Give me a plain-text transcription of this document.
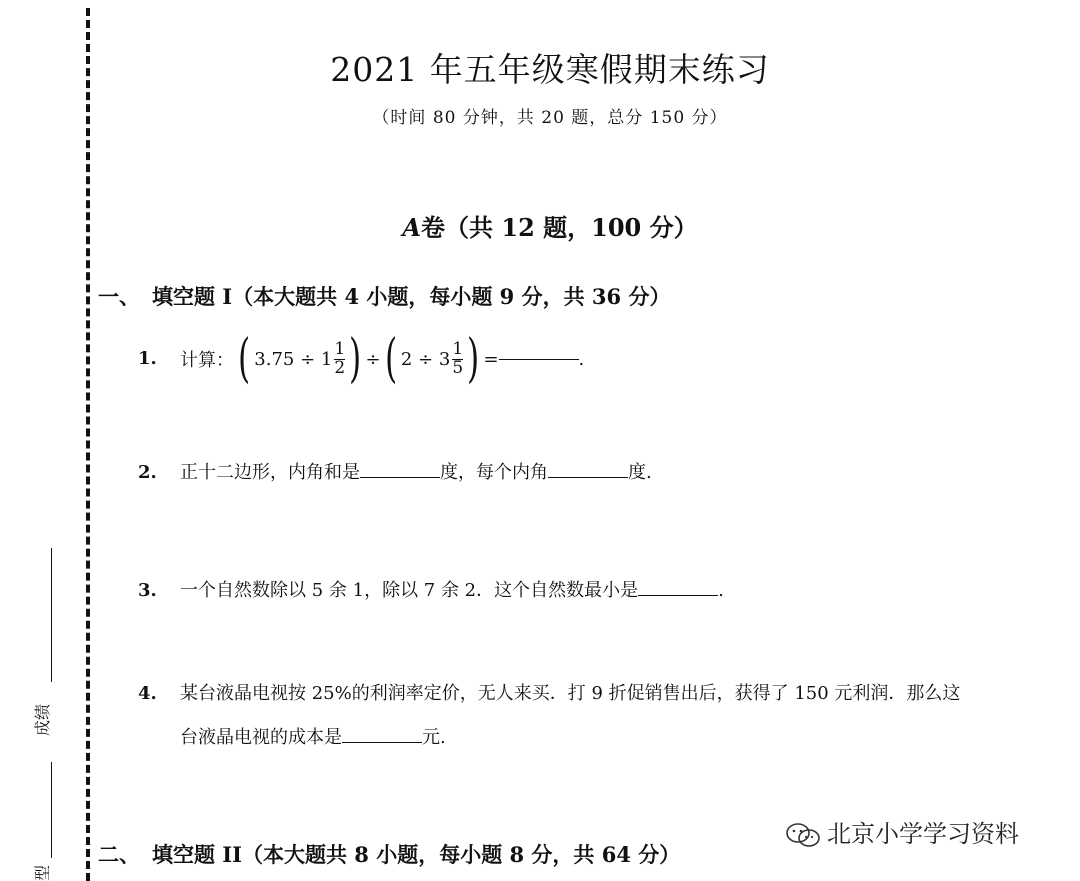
成绩
型
2021 年五年级寒假期末练习
（时间 80 分钟，共 20 题，总分 150 分）
A卷（共 12 题，100 分）
一、 填空题 I（本大题共 4 小题，每小题 9 分，共 36 分）
1. 计算： ( $3.75 \div 1 \frac{1}{2}$ ) ÷ ( $2 \div 3 \frac{1}{5}$ ) =	.
2. 正十二边形，内角和是	度，每个内角	度.
3. 一个自然数除以 5 余 1，除以 7 余 2．这个自然数最小是	.
4. 某台液晶电视按 25%的利润率定价，无人来买．打 9 折促销售出后，获得了 150 元利润．那么这
台液晶电视的成本是	元.
二、 填空题 II（本大题共 8 小题，每小题 8 分，共 64 分）
北京小学学习资料
